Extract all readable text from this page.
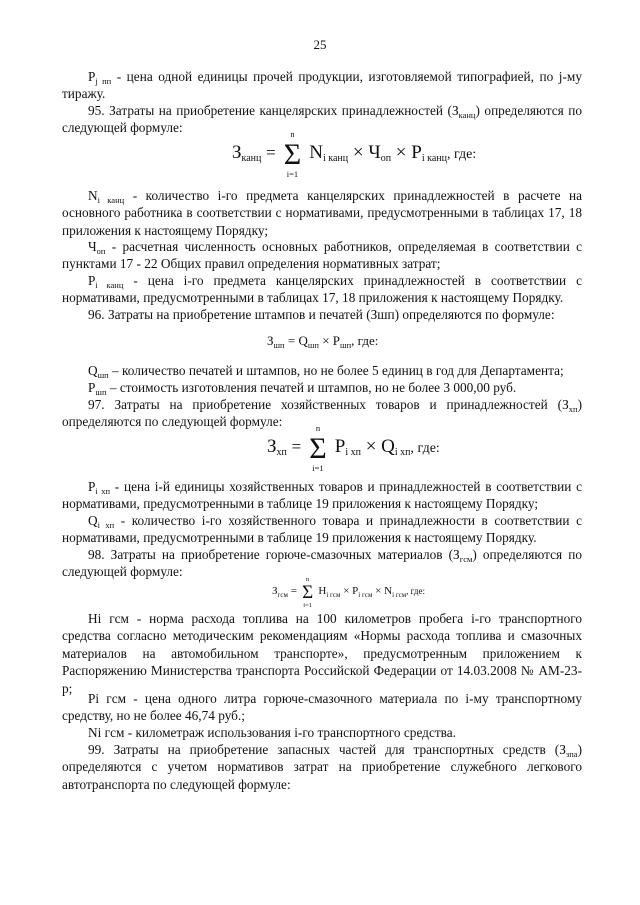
25

$P_{j пп}$ - цена одной единицы прочей продукции, изготовляемой типографией, по j-му тиражу.

95. Затраты на приобретение канцелярских принадлежностей $(З_{канц})$ определяются по следующей формуле:

$З_{канц} = \Sigma$
n
i=1
$N_{i канц} \times Ч_{оп} \times P_{i канц}$, где:

$N_{i канц}$ - количество i-го предмета канцелярских принадлежностей в расчете на основного работника в соответствии с нормативами, предусмотренными в таблицах 17, 18 приложения к настоящему Порядку;

$Ч_{оп}$ - расчетная численность основных работников, определяемая в соответствии с пунктами 17 - 22 Общих правил определения нормативных затрат;

$P_{i канц}$ - цена i-го предмета канцелярских принадлежностей в соответствии с нормативами, предусмотренными в таблицах 17, 18 приложения к настоящему Порядку.

96. Затраты на приобретение штампов и печатей (Зшп) определяются по формуле:

$З_{шп} = Q_{шп} \times P_{шп}$, где:

$Q_{шп}$ – количество печатей и штампов, но не более 5 единиц в год для Департамента;

$P_{шп}$ – стоимость изготовления печатей и штампов, но не более 3 000,00 руб.

97. Затраты на приобретение хозяйственных товаров и принадлежностей $(З_{хп})$ определяются по следующей формуле:

$З_{хп} = \Sigma$
n
i=1
$P_{i хп} \times Q_{i хп}$, где:

$P_{i хп}$ - цена i-й единицы хозяйственных товаров и принадлежностей в соответствии с нормативами, предусмотренными в таблице 19 приложения к настоящему Порядку;

$Q_{i хп}$ - количество i-го хозяйственного товара и принадлежности в соответствии с нормативами, предусмотренными в таблице 19 приложения к настоящему Порядку.

98. Затраты на приобретение горюче-смазочных материалов $(З_{гсм})$ определяются по следующей формуле:

$З_{гсм} = \Sigma$
n
i=1
$H_{i гсм} \times P_{i гсм} \times N_{i гсм}$, где:

Hi гсм - норма расхода топлива на 100 километров пробега i-го транспортного средства согласно методическим рекомендациям «Нормы расхода топлива и смазочных материалов на автомобильном транспорте», предусмотренным приложением к Распоряжению Министерства транспорта Российской Федерации от 14.03.2008 № АМ-23-р;

Pi гсм - цена одного литра горюче-смазочного материала по i-му транспортному средству, но не более 46,74 руб.;

Ni гсм - километраж использования i-го транспортного средства.

99. Затраты на приобретение запасных частей для транспортных средств $(З_{зпа})$ определяются с учетом нормативов затрат на приобретение служебного легкового автотранспорта по следующей формуле:
